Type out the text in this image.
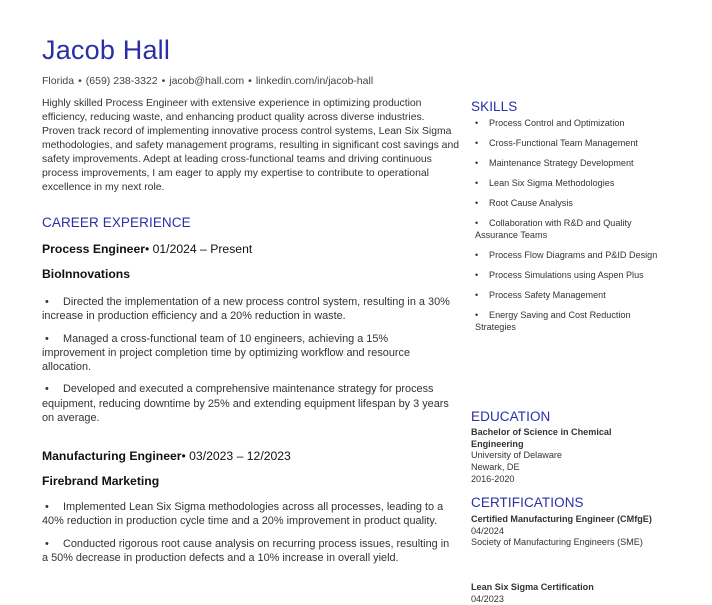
Jacob Hall
Florida • (659) 238-3322 • jacob@hall.com • linkedin.com/in/jacob-hall

Highly skilled Process Engineer with extensive experience in optimizing production efficiency, reducing waste, and enhancing product quality across diverse industries. Proven track record of implementing innovative process control systems, Lean Six Sigma methodologies, and safety management programs, resulting in significant cost savings and safety improvements. Adept at leading cross-functional teams and driving continuous process improvements, I am eager to apply my expertise to contribute to operational excellence in my next role.

CAREER EXPERIENCE
Process Engineer• 01/2024 – Present
BioInnovations
• Directed the implementation of a new process control system, resulting in a 30% increase in production efficiency and a 20% reduction in waste.
• Managed a cross-functional team of 10 engineers, achieving a 15% improvement in project completion time by optimizing workflow and resource allocation.
• Developed and executed a comprehensive maintenance strategy for process equipment, reducing downtime by 25% and extending equipment lifespan by 3 years on average.
Manufacturing Engineer• 03/2023 – 12/2023
Firebrand Marketing
• Implemented Lean Six Sigma methodologies across all processes, leading to a 40% reduction in production cycle time and a 20% improvement in product quality.
• Conducted rigorous root cause analysis on recurring process issues, resulting in a 50% decrease in production defects and a 10% increase in overall yield.
SKILLS
• Process Control and Optimization
• Cross-Functional Team Management
• Maintenance Strategy Development
• Lean Six Sigma Methodologies
• Root Cause Analysis
• Collaboration with R&D and Quality Assurance Teams
• Process Flow Diagrams and P&ID Design
• Process Simulations using Aspen Plus
• Process Safety Management
• Energy Saving and Cost Reduction Strategies
EDUCATION
Bachelor of Science in Chemical Engineering
University of Delaware
Newark, DE
2016-2020
CERTIFICATIONS
Certified Manufacturing Engineer (CMfgE)
04/2024
Society of Manufacturing Engineers (SME)
Lean Six Sigma Certification
04/2023
